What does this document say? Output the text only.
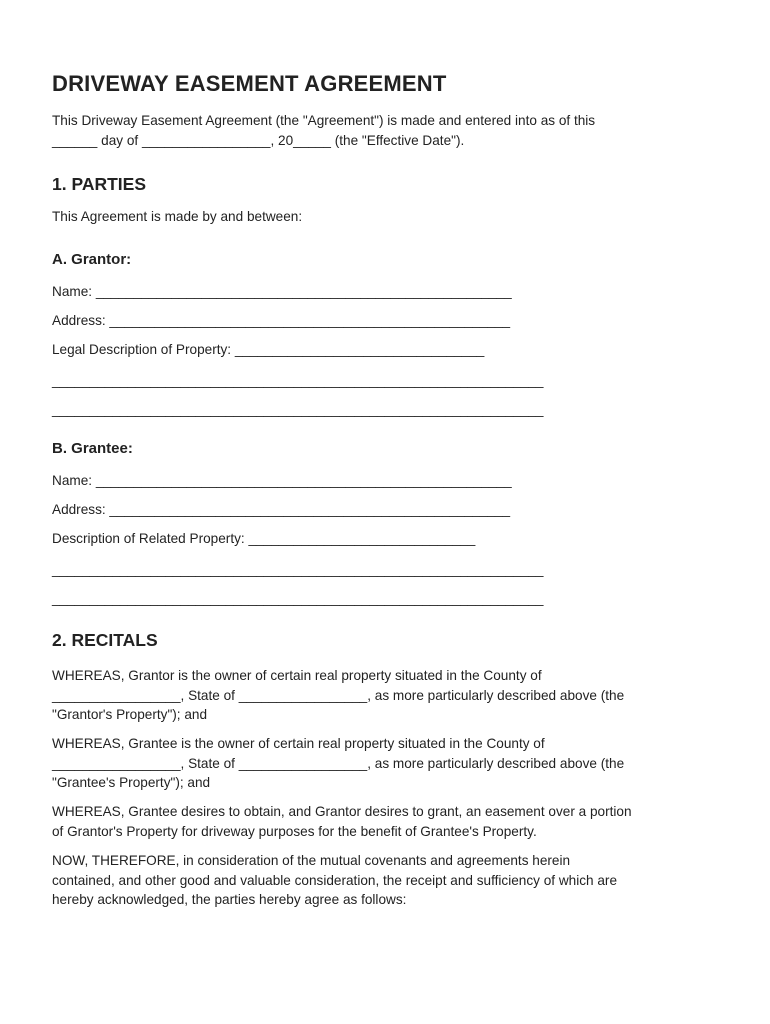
DRIVEWAY EASEMENT AGREEMENT
This Driveway Easement Agreement (the "Agreement") is made and entered into as of this
______ day of _________________, 20_____ (the "Effective Date").
1. PARTIES
This Agreement is made by and between:
A. Grantor:
Name: _______________________________________________________
Address: _____________________________________________________
Legal Description of Property: _________________________________
_________________________________________________________________
_________________________________________________________________
B. Grantee:
Name: _______________________________________________________
Address: _____________________________________________________
Description of Related Property: ______________________________
_________________________________________________________________
_________________________________________________________________
2. RECITALS
WHEREAS, Grantor is the owner of certain real property situated in the County of
_________________, State of _________________, as more particularly described above (the
"Grantor's Property"); and
WHEREAS, Grantee is the owner of certain real property situated in the County of
_________________, State of _________________, as more particularly described above (the
"Grantee's Property"); and
WHEREAS, Grantee desires to obtain, and Grantor desires to grant, an easement over a portion
of Grantor's Property for driveway purposes for the benefit of Grantee's Property.
NOW, THEREFORE, in consideration of the mutual covenants and agreements herein
contained, and other good and valuable consideration, the receipt and sufficiency of which are
hereby acknowledged, the parties hereby agree as follows:
